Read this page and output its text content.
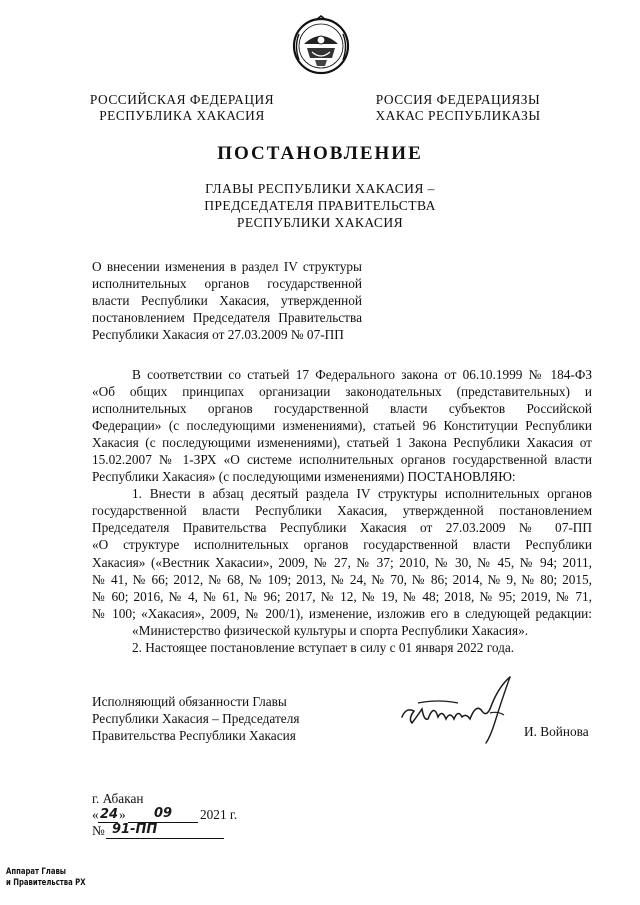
РОССИЙСКАЯ ФЕДЕРАЦИЯ
РЕСПУБЛИКА ХАКАСИЯ
РОССИЯ ФЕДЕРАЦИЯЗЫ
ХАКАС РЕСПУБЛИКАЗЫ
ПОСТАНОВЛЕНИЕ
ГЛАВЫ РЕСПУБЛИКИ ХАКАСИЯ –
ПРЕДСЕДАТЕЛЯ ПРАВИТЕЛЬСТВА
РЕСПУБЛИКИ ХАКАСИЯ
О внесении изменения в раздел IV структуры
исполнительных органов государственной
власти Республики Хакасия, утвержденной
постановлением Председателя Правительства
Республики Хакасия от 27.03.2009 № 07-ПП
В соответствии со статьей 17 Федерального закона от 06.10.1999 № 184-ФЗ
«Об общих принципах организации законодательных (представительных) и
исполнительных органов государственной власти субъектов Российской
Федерации» (с последующими изменениями), статьей 96 Конституции Республики
Хакасия (с последующими изменениями), статьей 1 Закона Республики Хакасия от
15.02.2007 № 1-ЗРХ «О системе исполнительных органов государственной власти
Республики Хакасия» (с последующими изменениями) ПОСТАНОВЛЯЮ:
1. Внести в абзац десятый раздела IV структуры исполнительных органов
государственной власти Республики Хакасия, утвержденной постановлением
Председателя Правительства Республики Хакасия от 27.03.2009 № 07-ПП
«О структуре исполнительных органов государственной власти Республики
Хакасия» («Вестник Хакасии», 2009, № 27, № 37; 2010, № 30, № 45, № 94; 2011,
№ 41, № 66; 2012, № 68, № 109; 2013, № 24, № 70, № 86; 2014, № 9, № 80; 2015,
№ 60; 2016, № 4, № 61, № 96; 2017, № 12, № 19, № 48; 2018, № 95; 2019, № 71,
№ 100; «Хакасия», 2009, № 200/1), изменение, изложив его в следующей редакции:
«Министерство физической культуры и спорта Республики Хакасия».
2. Настоящее постановление вступает в силу с 01 января 2022 года.
Исполняющий обязанности Главы
Республики Хакасия – Председателя
Правительства Республики Хакасия	И. Войнова
г. Абакан
« 24 » 09 2021 г.
№ 91-ПП
Аппарат Главы
и Правительства РХ
